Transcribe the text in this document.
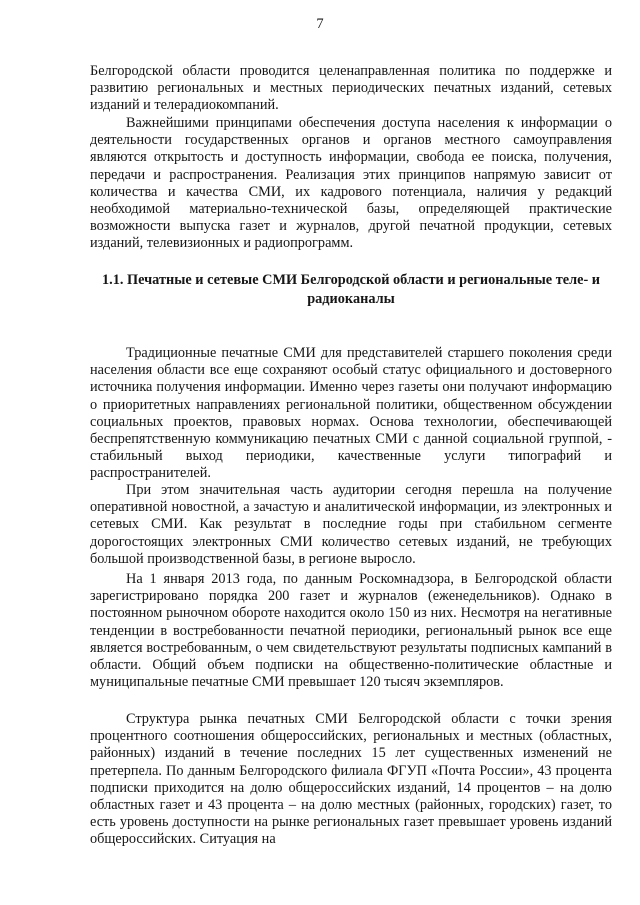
7

Белгородской области проводится целенаправленная политика по поддержке и развитию региональных и местных периодических печатных изданий, сетевых изданий и телерадиокомпаний.

Важнейшими принципами обеспечения доступа населения к информации о деятельности государственных органов и органов местного самоуправления являются открытость и доступность информации, свобода ее поиска, получения, передачи и распространения. Реализация этих принципов напрямую зависит от количества и качества СМИ, их кадрового потенциала, наличия у редакций необходимой материально-технической базы, определяющей практические возможности выпуска газет и журналов, другой печатной продукции, сетевых изданий, телевизионных и радиопрограмм.

1.1. Печатные и сетевые СМИ Белгородской области и региональные теле- и радиоканалы

Традиционные печатные СМИ для представителей старшего поколения среди населения области все еще сохраняют особый статус официального и достоверного источника получения информации. Именно через газеты они получают информацию о приоритетных направлениях региональной политики, общественном обсуждении социальных проектов, правовых нормах. Основа технологии, обеспечивающей беспрепятственную коммуникацию печатных СМИ с данной социальной группой, - стабильный выход периодики, качественные услуги типографий и распространителей.

При этом значительная часть аудитории сегодня перешла на получение оперативной новостной, а зачастую и аналитической информации, из электронных и сетевых СМИ. Как результат в последние годы при стабильном сегменте дорогостоящих электронных СМИ количество сетевых изданий, не требующих большой производственной базы, в регионе выросло.

На 1 января 2013 года, по данным Роскомнадзора, в Белгородской области зарегистрировано порядка 200 газет и журналов (еженедельников). Однако в постоянном рыночном обороте находится около 150 из них. Несмотря на негативные тенденции в востребованности печатной периодики, региональный рынок все еще является востребованным, о чем свидетельствуют результаты подписных кампаний в области. Общий объем подписки на общественно-политические областные и муниципальные печатные СМИ превышает 120 тысяч экземпляров.

Структура рынка печатных СМИ Белгородской области с точки зрения процентного соотношения общероссийских, региональных и местных (областных, районных) изданий в течение последних 15 лет существенных изменений не претерпела. По данным Белгородского филиала ФГУП «Почта России», 43 процента подписки приходится на долю общероссийских изданий, 14 процентов – на долю областных газет и 43 процента – на долю местных (районных, городских) газет, то есть уровень доступности на рынке региональных газет превышает уровень изданий общероссийских. Ситуация на
